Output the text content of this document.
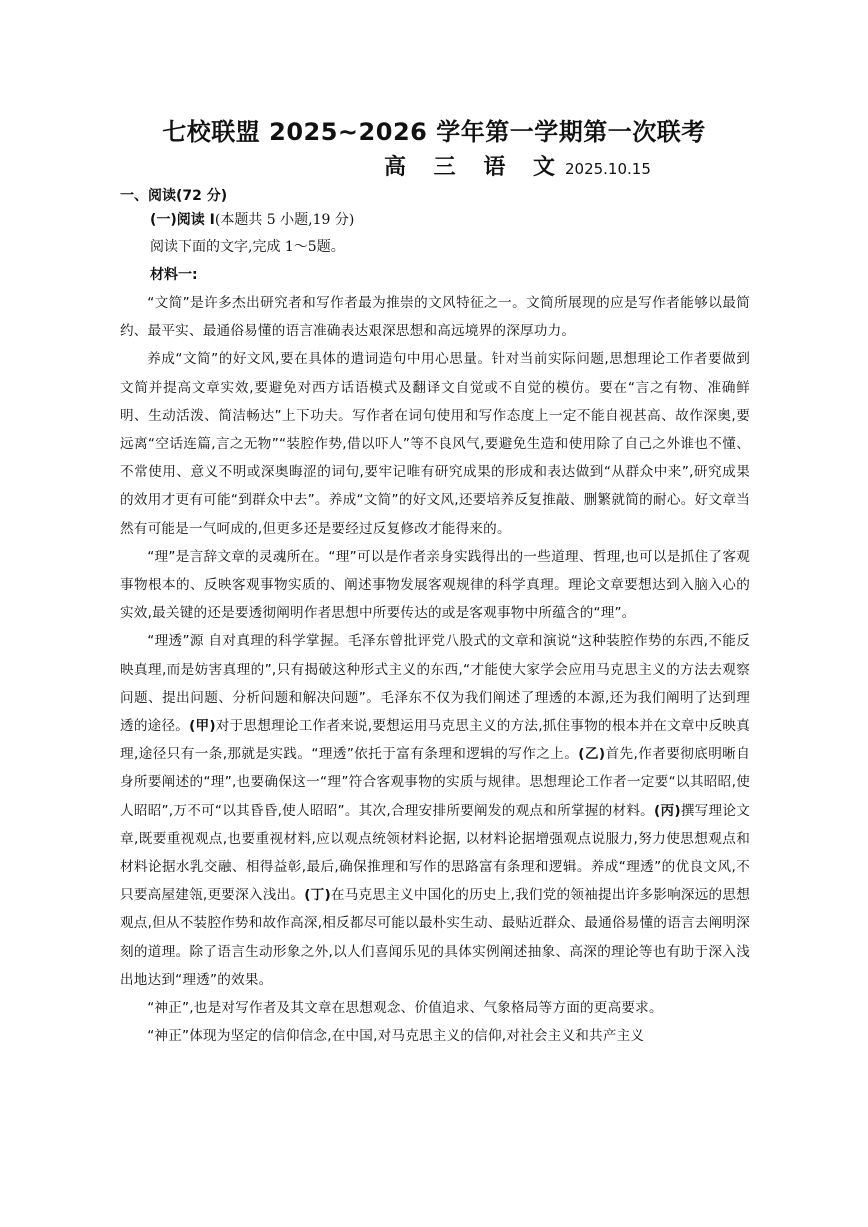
七校联盟 2025~2026 学年第一学期第一次联考
高 三 语 文2025.10.15
一、阅读(72 分)
(一)阅读 Ⅰ(本题共 5 小题,19 分)
阅读下面的文字,完成 1～5题。
材料一:

“文简”是许多杰出研究者和写作者最为推崇的文风特征之一。文简所展现的应是写作者能够以最简约、最平实、最通俗易懂的语言准确表达艰深思想和高远境界的深厚功力。

养成“文简”的好文风,要在具体的遣词造句中用心思量。针对当前实际问题,思想理论工作者要做到文简并提高文章实效,要避免对西方话语模式及翻译文自觉或不自觉的模仿。要在“言之有物、准确鲜明、生动活泼、简洁畅达”上下功夫。写作者在词句使用和写作态度上一定不能自视甚高、故作深奥,要远离“空话连篇,言之无物”“装腔作势,借以吓人”等不良风气,要避免生造和使用除了自己之外谁也不懂、不常使用、意义不明或深奥晦涩的词句,要牢记唯有研究成果的形成和表达做到“从群众中来”,研究成果的效用才更有可能“到群众中去”。养成“文简”的好文风,还要培养反复推敲、删繁就简的耐心。好文章当然有可能是一气呵成的,但更多还是要经过反复修改才能得来的。

“理”是言辞文章的灵魂所在。“理”可以是作者亲身实践得出的一些道理、哲理,也可以是抓住了客观事物根本的、反映客观事物实质的、阐述事物发展客观规律的科学真理。理论文章要想达到入脑入心的实效,最关键的还是要透彻阐明作者思想中所要传达的或是客观事物中所蕴含的“理”。

“理透”源 自对真理的科学掌握。毛泽东曾批评党八股式的文章和演说“这种装腔作势的东西,不能反映真理,而是妨害真理的”,只有揭破这种形式主义的东西,“才能使大家学会应用马克思主义的方法去观察问题、提出问题、分析问题和解决问题”。毛泽东不仅为我们阐述了理透的本源,还为我们阐明了达到理透的途径。(甲)对于思想理论工作者来说,要想运用马克思主义的方法,抓住事物的根本并在文章中反映真理,途径只有一条,那就是实践。“理透”依托于富有条理和逻辑的写作之上。(乙)首先,作者要彻底明晰自身所要阐述的“理”,也要确保这一“理”符合客观事物的实质与规律。思想理论工作者一定要“以其昭昭,使人昭昭”,万不可“以其昏昏,使人昭昭”。其次,合理安排所要阐发的观点和所掌握的材料。(丙)撰写理论文章,既要重视观点,也要重视材料,应以观点统领材料论据, 以材料论据增强观点说服力,努力使思想观点和材料论据水乳交融、相得益彰,最后,确保推理和写作的思路富有条理和逻辑。养成“理透”的优良文风,不只要高屋建瓴,更要深入浅出。(丁)在马克思主义中国化的历史上,我们党的领袖提出许多影响深远的思想观点,但从不装腔作势和故作高深,相反都尽可能以最朴实生动、最贴近群众、最通俗易懂的语言去阐明深刻的道理。除了语言生动形象之外,以人们喜闻乐见的具体实例阐述抽象、高深的理论等也有助于深入浅出地达到“理透”的效果。

“神正”,也是对写作者及其文章在思想观念、价值追求、气象格局等方面的更高要求。

“神正”体现为坚定的信仰信念,在中国,对马克思主义的信仰,对社会主义和共产主义
